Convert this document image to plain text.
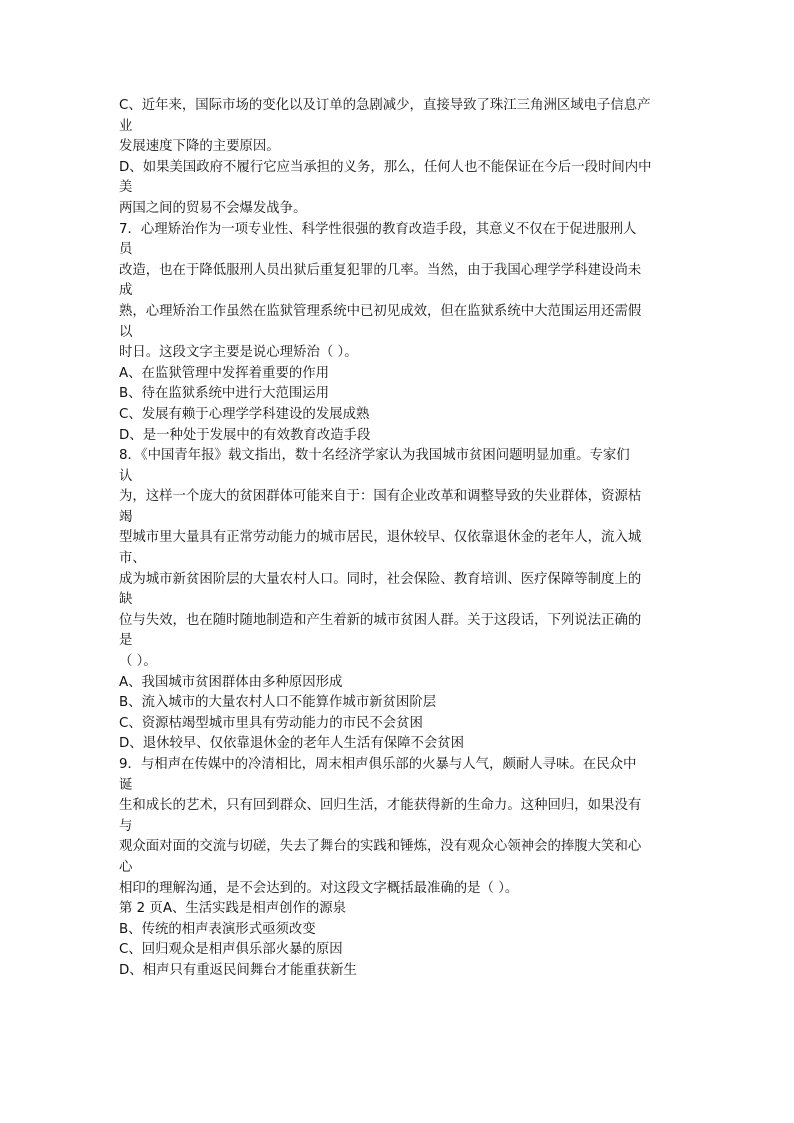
C、近年来，国际市场的变化以及订单的急剧减少，直接导致了珠江三角洲区域电子信息产
业
发展速度下降的主要原因。
D、如果美国政府不履行它应当承担的义务，那么，任何人也不能保证在今后一段时间内中
美
两国之间的贸易不会爆发战争。
7．心理矫治作为一项专业性、科学性很强的教育改造手段，其意义不仅在于促进服刑人
员
改造，也在于降低服刑人员出狱后重复犯罪的几率。当然，由于我国心理学学科建设尚未
成
熟，心理矫治工作虽然在监狱管理系统中已初见成效，但在监狱系统中大范围运用还需假
以
时日。这段文字主要是说心理矫治（ ）。
A、在监狱管理中发挥着重要的作用
B、待在监狱系统中进行大范围运用
C、发展有赖于心理学学科建设的发展成熟
D、是一种处于发展中的有效教育改造手段
8．《中国青年报》载文指出，数十名经济学家认为我国城市贫困问题明显加重。专家们
认
为，这样一个庞大的贫困群体可能来自于：国有企业改革和调整导致的失业群体，资源枯
竭
型城市里大量具有正常劳动能力的城市居民，退休较早、仅依靠退休金的老年人，流入城
市、
成为城市新贫困阶层的大量农村人口。同时，社会保险、教育培训、医疗保障等制度上的
缺
位与失效，也在随时随地制造和产生着新的城市贫困人群。关于这段话，下列说法正确的
是
（ ）。
A、我国城市贫困群体由多种原因形成
B、流入城市的大量农村人口不能算作城市新贫困阶层
C、资源枯竭型城市里具有劳动能力的市民不会贫困
D、退休较早、仅依靠退休金的老年人生活有保障不会贫困
9．与相声在传媒中的冷清相比，周末相声俱乐部的火暴与人气，颇耐人寻味。在民众中
诞
生和成长的艺术，只有回到群众、回归生活，才能获得新的生命力。这种回归，如果没有
与
观众面对面的交流与切磋，失去了舞台的实践和锤炼，没有观众心领神会的捧腹大笑和心
心
相印的理解沟通，是不会达到的。对这段文字概括最准确的是（ ）。
第 2 页A、生活实践是相声创作的源泉
B、传统的相声表演形式亟须改变
C、回归观众是相声俱乐部火暴的原因
D、相声只有重返民间舞台才能重获新生
